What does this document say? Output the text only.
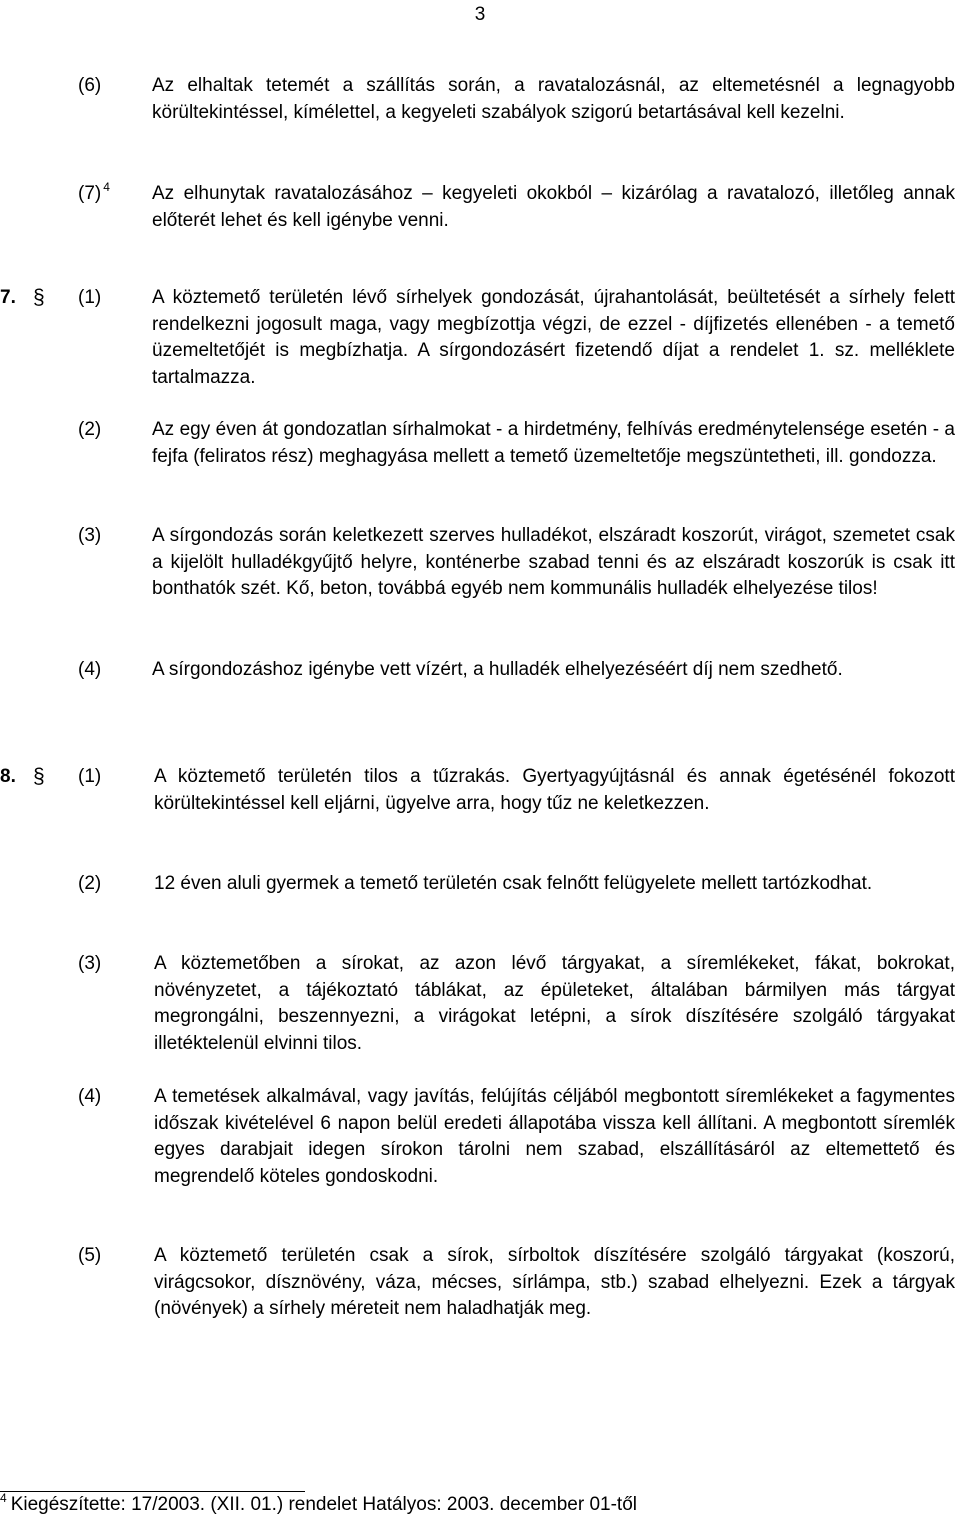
3
(6)	Az elhaltak tetemét a szállítás során, a ravatalozásnál, az eltemetésnél a legnagyobb körültekintéssel, kímélettel, a kegyeleti szabályok szigorú betartásával kell kezelni.
(7) $^4$ Az elhunytak ravatalozásához – kegyeleti okokból – kizárólag a ravatalozó, illetőleg annak előterét lehet és kell igénybe venni.
7. § (1)	A köztemető területén lévő sírhelyek gondozását, újrahantolását, beültetését a sírhely felett rendelkezni jogosult maga, vagy megbízottja végzi, de ezzel - díjfizetés ellenében - a temető üzemeltetőjét is megbízhatja. A sírgondozásért fizetendő díjat a rendelet 1. sz. melléklete tartalmazza.
(2)	Az egy éven át gondozatlan sírhalmokat - a hirdetmény, felhívás eredménytelensége esetén - a fejfa (feliratos rész) meghagyása mellett a temető üzemeltetője megszüntetheti, ill. gondozza.
(3)	A sírgondozás során keletkezett szerves hulladékot, elszáradt koszorút, virágot, szemetet csak a kijelölt hulladékgyűjtő helyre, konténerbe szabad tenni és az elszáradt koszorúk is csak itt bonthatók szét. Kő, beton, továbbá egyéb nem kommunális hulladék elhelyezése tilos!
(4)	A sírgondozáshoz igénybe vett vízért, a hulladék elhelyezéséért díj nem szedhető.
8. § (1)	A köztemető területén tilos a tűzrakás. Gyertyagyújtásnál és annak égetésénél fokozott körültekintéssel kell eljárni, ügyelve arra, hogy tűz ne keletkezzen.
(2)	12 éven aluli gyermek a temető területén csak felnőtt felügyelete mellett tartózkodhat.
(3)	A köztemetőben a sírokat, az azon lévő tárgyakat, a síremlékeket, fákat, bokrokat, növényzetet, a tájékoztató táblákat, az épületeket, általában bármilyen más tárgyat megrongálni, beszennyezni, a virágokat letépni, a sírok díszítésére szolgáló tárgyakat illetéktelenül elvinni tilos.
(4)	A temetések alkalmával, vagy javítás, felújítás céljából megbontott síremlékeket a fagymentes időszak kivételével 6 napon belül eredeti állapotába vissza kell állítani. A megbontott síremlék egyes darabjait idegen sírokon tárolni nem szabad, elszállításáról az eltemettető és megrendelő köteles gondoskodni.
(5)	A köztemető területén csak a sírok, sírboltok díszítésére szolgáló tárgyakat (koszorú, virágcsokor, dísznövény, váza, mécses, sírlámpa, stb.) szabad elhelyezni. Ezek a tárgyak (növények) a sírhely méreteit nem haladhatják meg.
$^4$ Kiegészítette: 17/2003. (XII. 01.) rendelet Hatályos: 2003. december 01-től
